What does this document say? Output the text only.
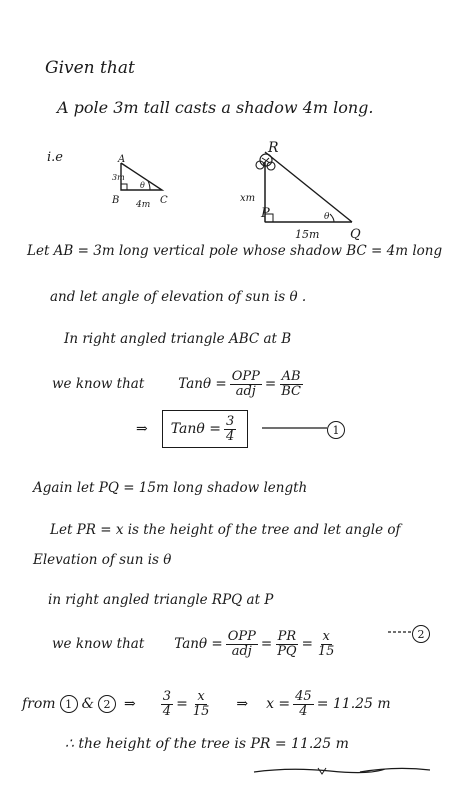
Given that
A pole 3m tall casts a shadow 4m long.
i.e	A
3m
B 4m
θ
C
R
xm
P
15m
θ
Q
Let AB = 3m long vertical pole whose shadow BC = 4m long
and let angle of elevation of sun is θ .
In right angled triangle ABC at B
we know that	$Tan\theta = \frac{\text{OPP}}{\text{adj}} = \frac{AB}{BC}$
⇒ $Tan\theta = \frac{3}{4}$	1
Again let PQ = 15m long shadow length
Let PR = x is the height of the tree and let angle of
Elevation of sun is θ
in right angled triangle RPQ at P
we know that $Tan\theta = \frac{\text{OPP}}{\text{adj}} = \frac{PR}{PQ} = \frac{x}{15}$	2
from 1 & 2 ⇒ $\frac{3}{4} = \frac{x}{15}$ ⇒ $x = \frac{45}{4} = 11.25$ m
∴ the height of the tree is PR = 11.25 m
